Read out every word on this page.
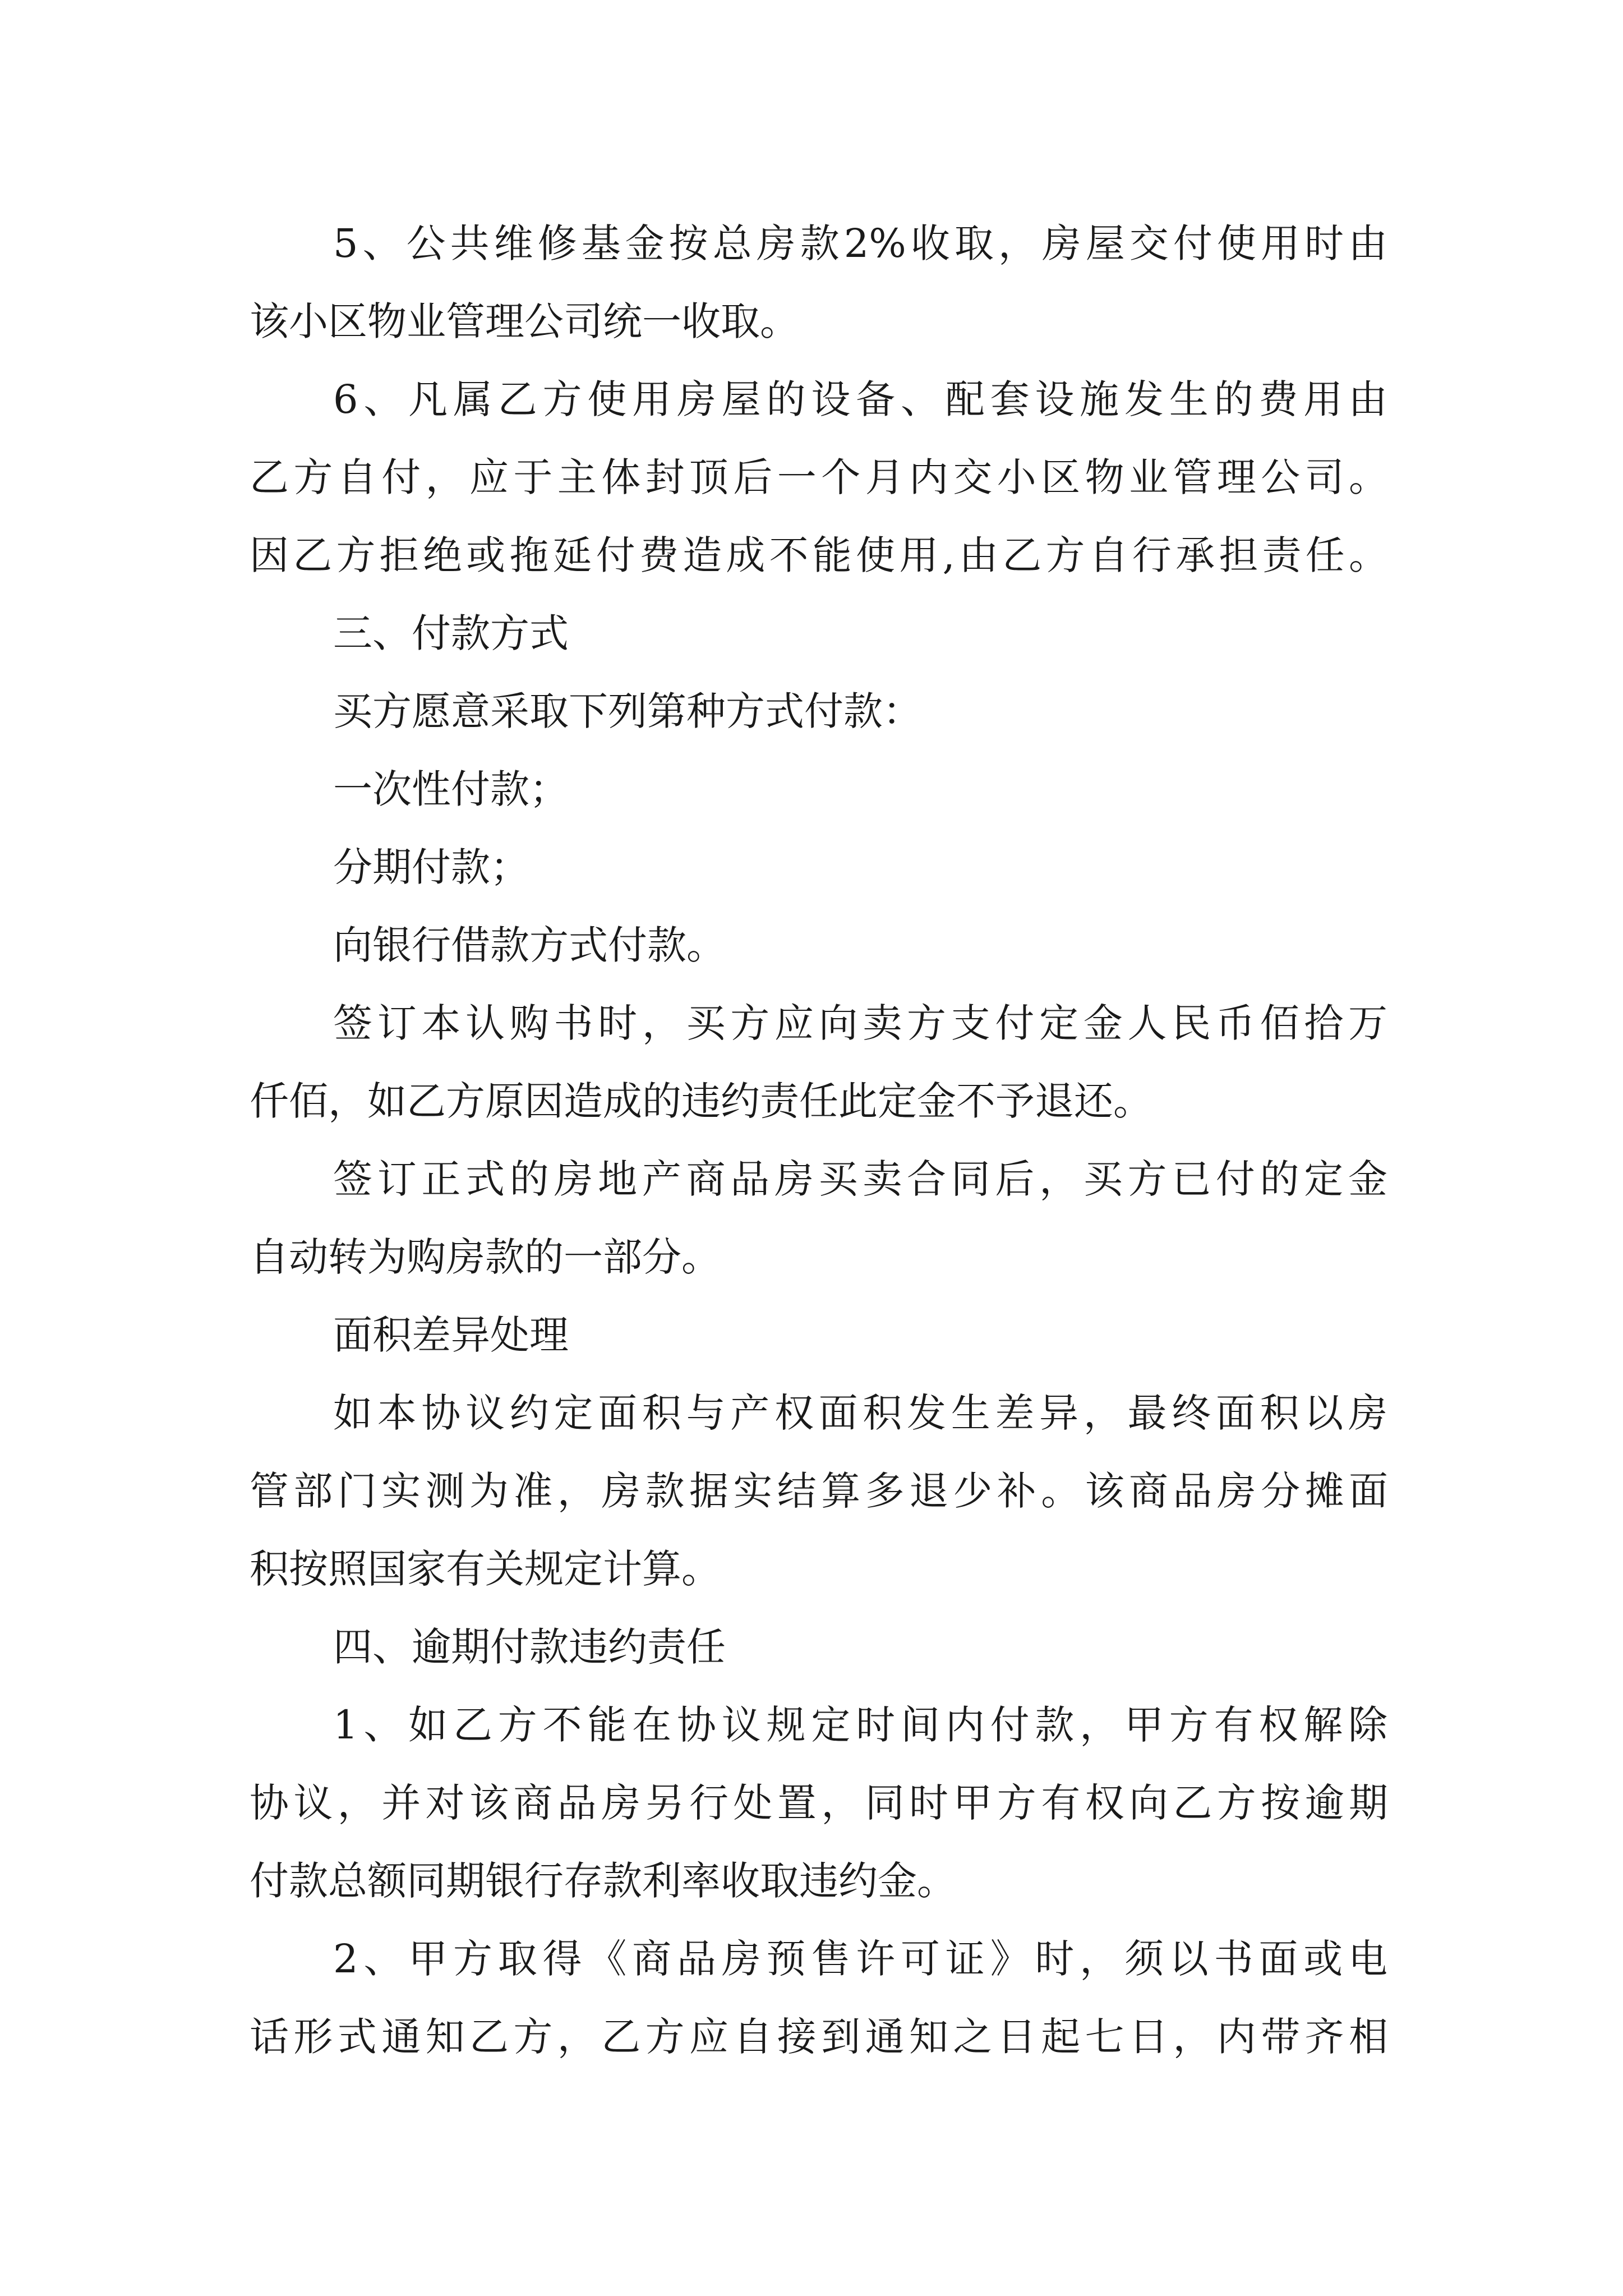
5、公共维修基金按总房款2%收取，房屋交付使用时由
该小区物业管理公司统一收取。
6、凡属乙方使用房屋的设备、配套设施发生的费用由
乙方自付，应于主体封顶后一个月内交小区物业管理公司。
因乙方拒绝或拖延付费造成不能使用,由乙方自行承担责任。
三、付款方式
买方愿意采取下列第种方式付款：
一次性付款；
分期付款；
向银行借款方式付款。
签订本认购书时，买方应向卖方支付定金人民币佰拾万
仟佰，如乙方原因造成的违约责任此定金不予退还。
签订正式的房地产商品房买卖合同后，买方已付的定金
自动转为购房款的一部分。
面积差异处理
如本协议约定面积与产权面积发生差异，最终面积以房
管部门实测为准，房款据实结算多退少补。该商品房分摊面
积按照国家有关规定计算。
四、逾期付款违约责任
1、如乙方不能在协议规定时间内付款，甲方有权解除
协议，并对该商品房另行处置，同时甲方有权向乙方按逾期
付款总额同期银行存款利率收取违约金。
2、甲方取得《商品房预售许可证》时，须以书面或电
话形式通知乙方，乙方应自接到通知之日起七日，内带齐相
